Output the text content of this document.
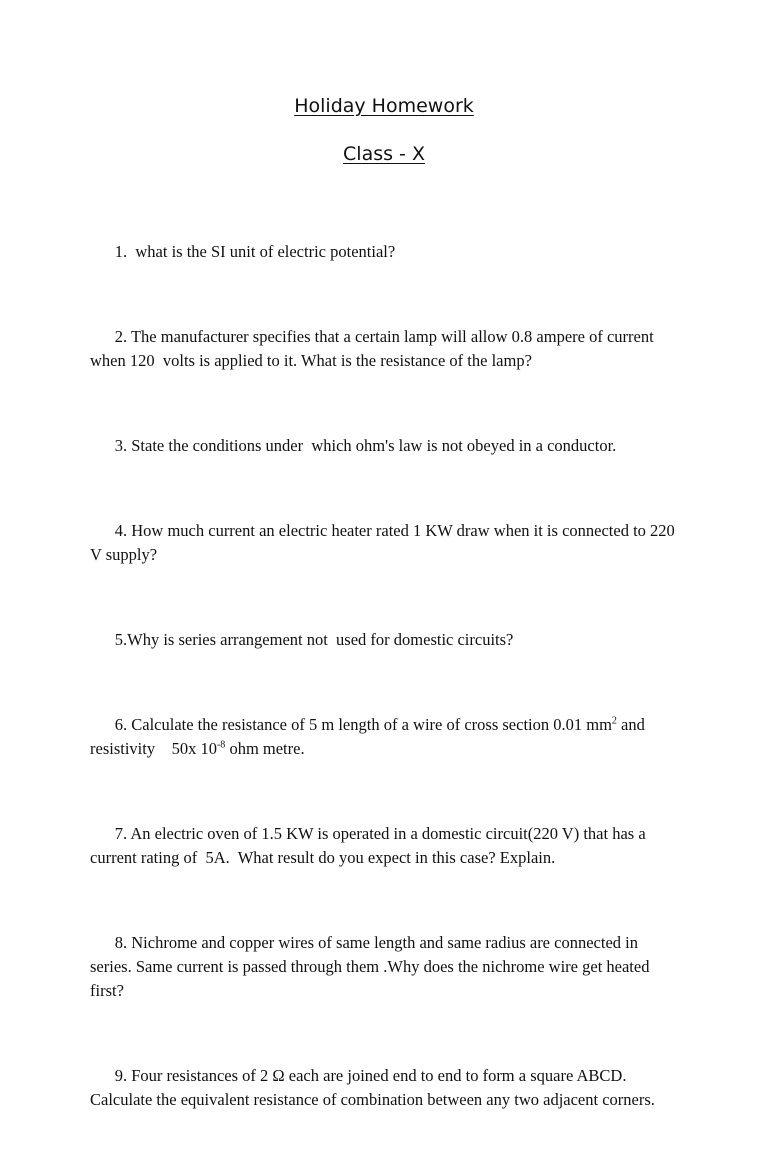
Holiday Homework
Class - X

1.  what is the SI unit of electric potential?

2. The manufacturer specifies that a certain lamp will allow 0.8 ampere of current when 120  volts is applied to it. What is the resistance of the lamp?

3. State the conditions under  which ohm's law is not obeyed in a conductor.

4. How much current an electric heater rated 1 KW draw when it is connected to 220 V supply?

5.Why is series arrangement not  used for domestic circuits?

6. Calculate the resistance of 5 m length of a wire of cross section 0.01 $mm^2$ and resistivity    50x $10^{-8}$ ohm metre.

7. An electric oven of 1.5 KW is operated in a domestic circuit(220 V) that has a current rating of  5A.  What result do you expect in this case? Explain.

8. Nichrome and copper wires of same length and same radius are connected in series. Same current is passed through them .Why does the nichrome wire get heated first?

9. Four resistances of 2 Ω each are joined end to end to form a square ABCD. Calculate the equivalent resistance of combination between any two adjacent corners.
